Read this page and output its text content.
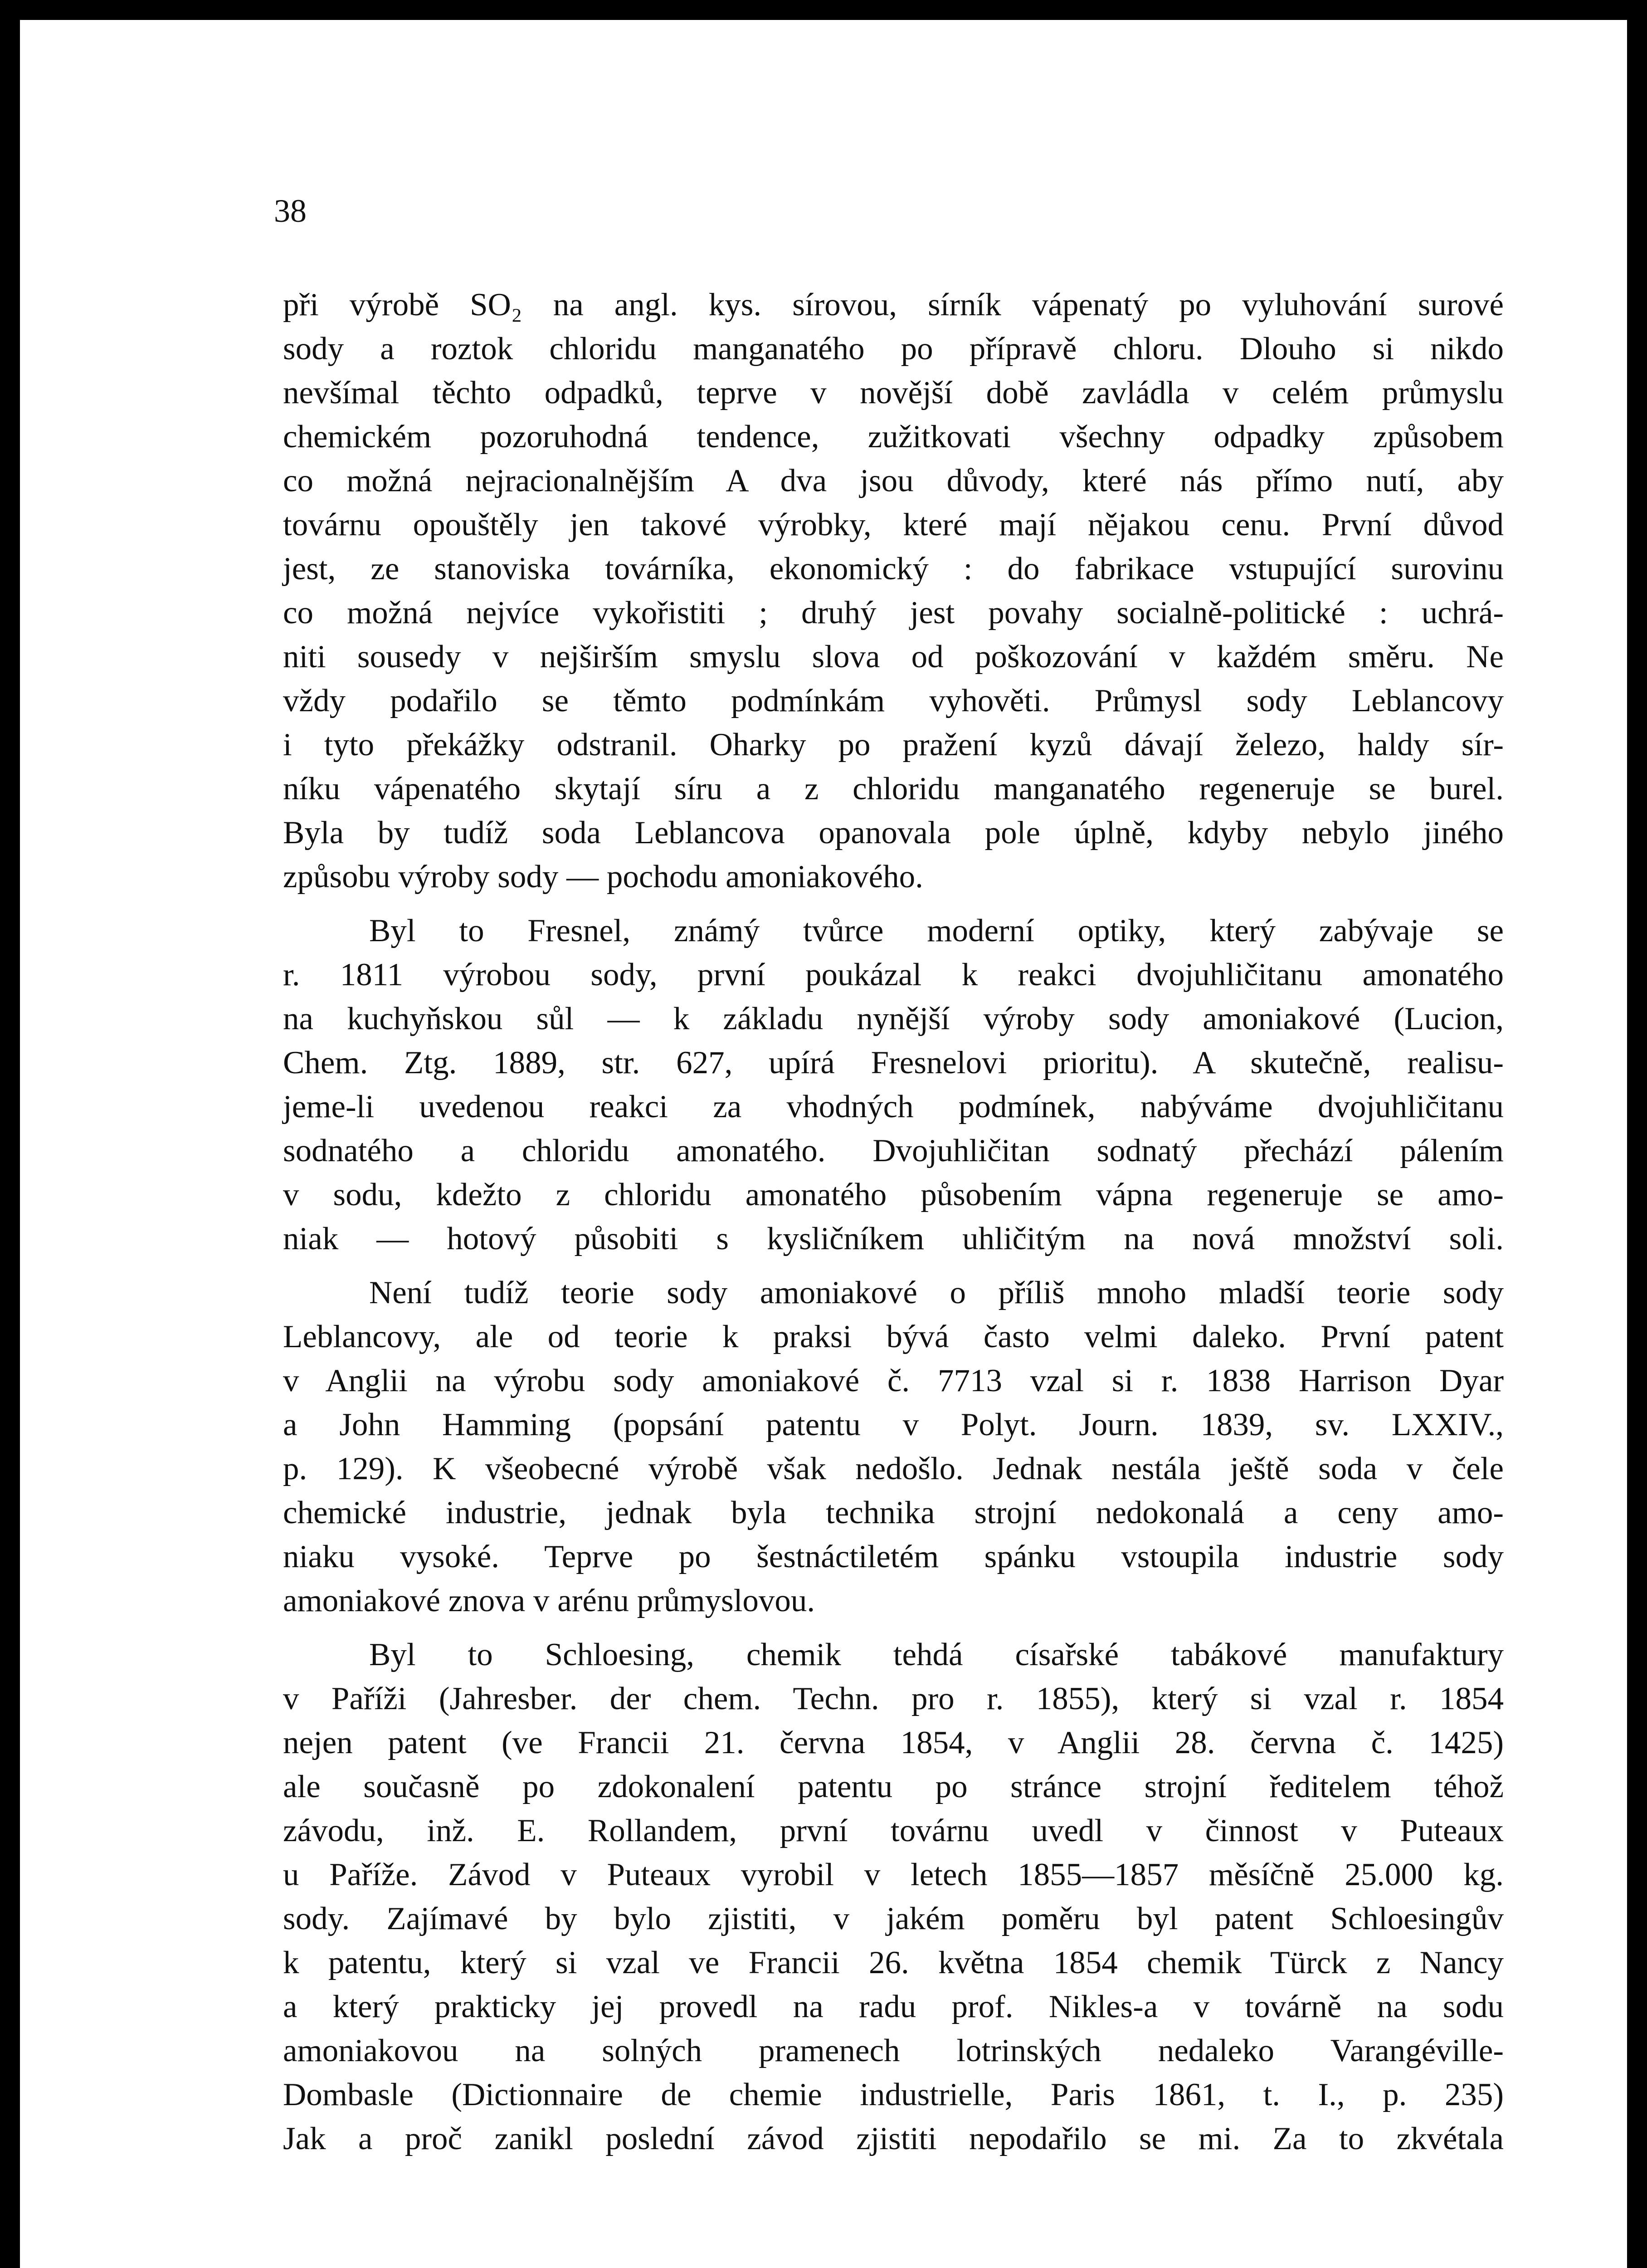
38
při výrobě SO₂ na angl. kys. sírovou, sírník vápenatý po vyluhování surové
sody a roztok chloridu manganatého po přípravě chloru. Dlouho si nikdo
nevšímal těchto odpadků, teprve v novější době zavládla v celém průmyslu
chemickém pozoruhodná tendence, zužitkovati všechny odpadky způsobem
co možná nejracionalnějším A dva jsou důvody, které nás přímo nutí, aby
továrnu opouštěly jen takové výrobky, které mají nějakou cenu. První důvod
jest, ze stanoviska továrníka, ekonomický : do fabrikace vstupující surovinu
co možná nejvíce vykořistiti ; druhý jest povahy socialně-politické : uchrá-
niti sousedy v nejširším smyslu slova od poškozování v každém směru. Ne
vždy podařilo se těmto podmínkám vyhověti. Průmysl sody Leblancovy
i tyto překážky odstranil. Oharky po pražení kyzů dávají železo, haldy sír-
níku vápenatého skytají síru a z chloridu manganatého regeneruje se burel.
Byla by tudíž soda Leblancova opanovala pole úplně, kdyby nebylo jiného
způsobu výroby sody — pochodu amoniakového.
Byl to Fresnel, známý tvůrce moderní optiky, který zabývaje se
r. 1811 výrobou sody, první poukázal k reakci dvojuhličitanu amonatého
na kuchyňskou sůl — k základu nynější výroby sody amoniakové (Lucion,
Chem. Ztg. 1889, str. 627, upírá Fresnelovi prioritu). A skutečně, realisu-
jeme-li uvedenou reakci za vhodných podmínek, nabýváme dvojuhličitanu
sodnatého a chloridu amonatého. Dvojuhličitan sodnatý přechází pálením
v sodu, kdežto z chloridu amonatého působením vápna regeneruje se amo-
niak — hotový působiti s kysličníkem uhličitým na nová množství soli.
Není tudíž teorie sody amoniakové o příliš mnoho mladší teorie sody
Leblancovy, ale od teorie k praksi bývá často velmi daleko. První patent
v Anglii na výrobu sody amoniakové č. 7713 vzal si r. 1838 Harrison Dyar
a John Hamming (popsání patentu v Polyt. Journ. 1839, sv. LXXIV.,
p. 129). K všeobecné výrobě však nedošlo. Jednak nestála ještě soda v čele
chemické industrie, jednak byla technika strojní nedokonalá a ceny amo-
niaku vysoké. Teprve po šestnáctiletém spánku vstoupila industrie sody
amoniakové znova v arénu průmyslovou.
Byl to Schloesing, chemik tehdá císařské tabákové manufaktury
v Paříži (Jahresber. der chem. Techn. pro r. 1855), který si vzal r. 1854
nejen patent (ve Francii 21. června 1854, v Anglii 28. června č. 1425)
ale současně po zdokonalení patentu po stránce strojní ředitelem téhož
závodu, inž. E. Rollandem, první továrnu uvedl v činnost v Puteaux
u Paříže. Závod v Puteaux vyrobil v letech 1855—1857 měsíčně 25.000 kg.
sody. Zajímavé by bylo zjistiti, v jakém poměru byl patent Schloesingův
k patentu, který si vzal ve Francii 26. května 1854 chemik Türck z Nancy
a který prakticky jej provedl na radu prof. Nikles-a v továrně na sodu
amoniakovou na solných pramenech lotrinských nedaleko Varangéville-
Dombasle (Dictionnaire de chemie industrielle, Paris 1861, t. I., p. 235)
Jak a proč zanikl poslední závod zjistiti nepodařilo se mi. Za to zkvétala
